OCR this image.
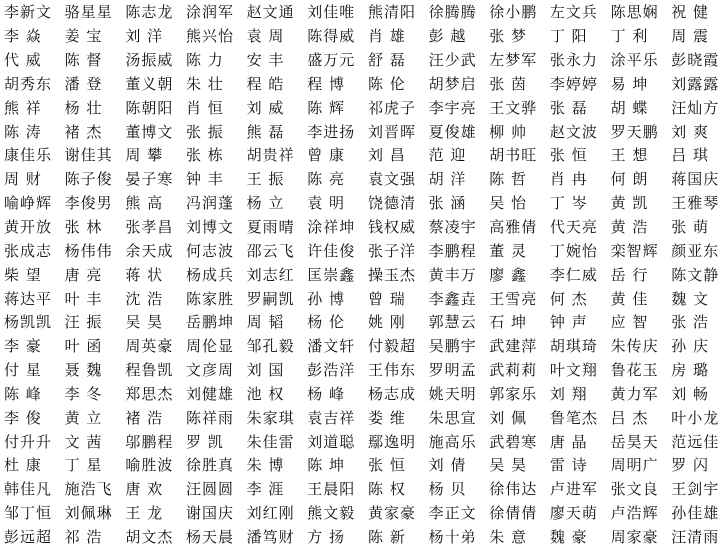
李新文 骆星星 陈志龙 涂润军 赵文通 刘佳唯 熊清阳 徐腾腾 徐小鹏 左文兵 陈思娴 祝 健
李 焱	姜 宝	刘 洋	熊兴怡 袁 周	陈得威 肖 雄	彭 越	张 梦	丁 阳	丁 利	周 震
代 威	陈 督	汤振威 陈 力	安 丰	盛万元 舒 磊	汪少武 左梦军 张永力 涂平乐 彭晓霞
胡秀东 潘 登	董义朝 朱 壮	程 皓	程 博	陈 伦	胡梦启 张 茵	李婷婷 易 坤	刘露露
熊 祥	杨 壮	陈朝阳 肖 恒	刘 威	陈 辉	祁虎子 李宇亮 王文骅 张 磊	胡 蝶	汪灿方
陈 涛	褚 杰	董博文 张 振	熊 磊	李进扬 刘晋晖 夏俊雄 柳 帅	赵文波 罗天鹏 刘 爽
康佳乐 谢佳其 周 攀	张 栋	胡贵祥 曾 康	刘 昌	范 迎	胡书旺 张 恒	王 想	吕 琪
周 财	陈子俊 晏子寒 钟 丰	王 振	陈 亮	袁文强 胡 洋	陈 哲	肖 冉	何 朗	蒋国庆
喻峥辉 李俊男 熊 高	冯润蓬 杨 立	袁 明	饶德清 张 涵	吴 怡	丁 岑	黄 凯	王雅琴
黄开放 张 林	张孝昌 刘博文 夏雨晴 涂祥坤 钱权威 蔡凌宇 高雅倩 代天亮 黄 浩	张 萌
张成志 杨伟伟 余天成 何志波 邵云飞 许佳俊 张子洋 李鹏程 董 灵	丁婉怡 栾智辉 颜亚东
柴 望	唐 亮	蒋 状	杨成兵 刘志红 匡崇鑫 操玉杰 黄丰万 廖 鑫	李仁威 岳 行	陈文静
蒋达平 叶 丰	沈 浩	陈家胜 罗嗣凯 孙 博	曾 瑞	李鑫垚 王雪亮 何 杰	黄 佳	魏 文
杨凯凯 汪 振	吴 昊	岳鹏坤 周 韬	杨 伦	姚 刚	郭慧云 石 坤	钟 声	应 智	张 浩
李 豪	叶 函	周英豪 周伦显 邹孔毅 潘文轩 付毅超 吴鹏宇 武建萍 胡琪琦 朱传庆 孙 庆
付 星	聂 魏	程鲁凯 文彦周 刘 国	彭浩洋 王伟东 罗明孟 武莉莉 叶文翔 鲁花玉 房 璐
陈 峰	李 冬	郑思杰 刘健雄 池 权	杨 峰	杨志成 姚天明 郭家乐 刘 翔	黄力军 刘 畅
李 俊	黄 立	褚 浩	陈祥雨 朱家琪 袁吉祥 娄 维	朱思宣 刘 佩	鲁笔杰 吕 杰	叶小龙
付升升 文 茜	邬鹏程 罗 凯	朱佳雷 刘道聪 鄢逸明 施高乐 武碧寒 唐 晶	岳昊天 范远佳
杜 康	丁 星	喻胜波 徐胜真 朱 博	陈 坤	张 恒	刘 倩	吴 昊	雷 诗	周明广 罗 闪
韩佳凡 施浩飞 唐 欢	汪圆圆 李 涯	王晨阳 陈 权	杨 贝	徐伟达 卢进军 张文良 王剑宇
邹丁恒 刘佩琳 王 龙	谢国庆 刘红刚 熊文毅 黄家豪 李正文 徐倩倩 廖天萌 卢浩辉 孙佳雄
彭远超 祁 浩	胡文杰 杨天晨 潘笃财 方 扬	陈 新	杨十弟 朱 意	魏 豪	周家豪 汪清雨
